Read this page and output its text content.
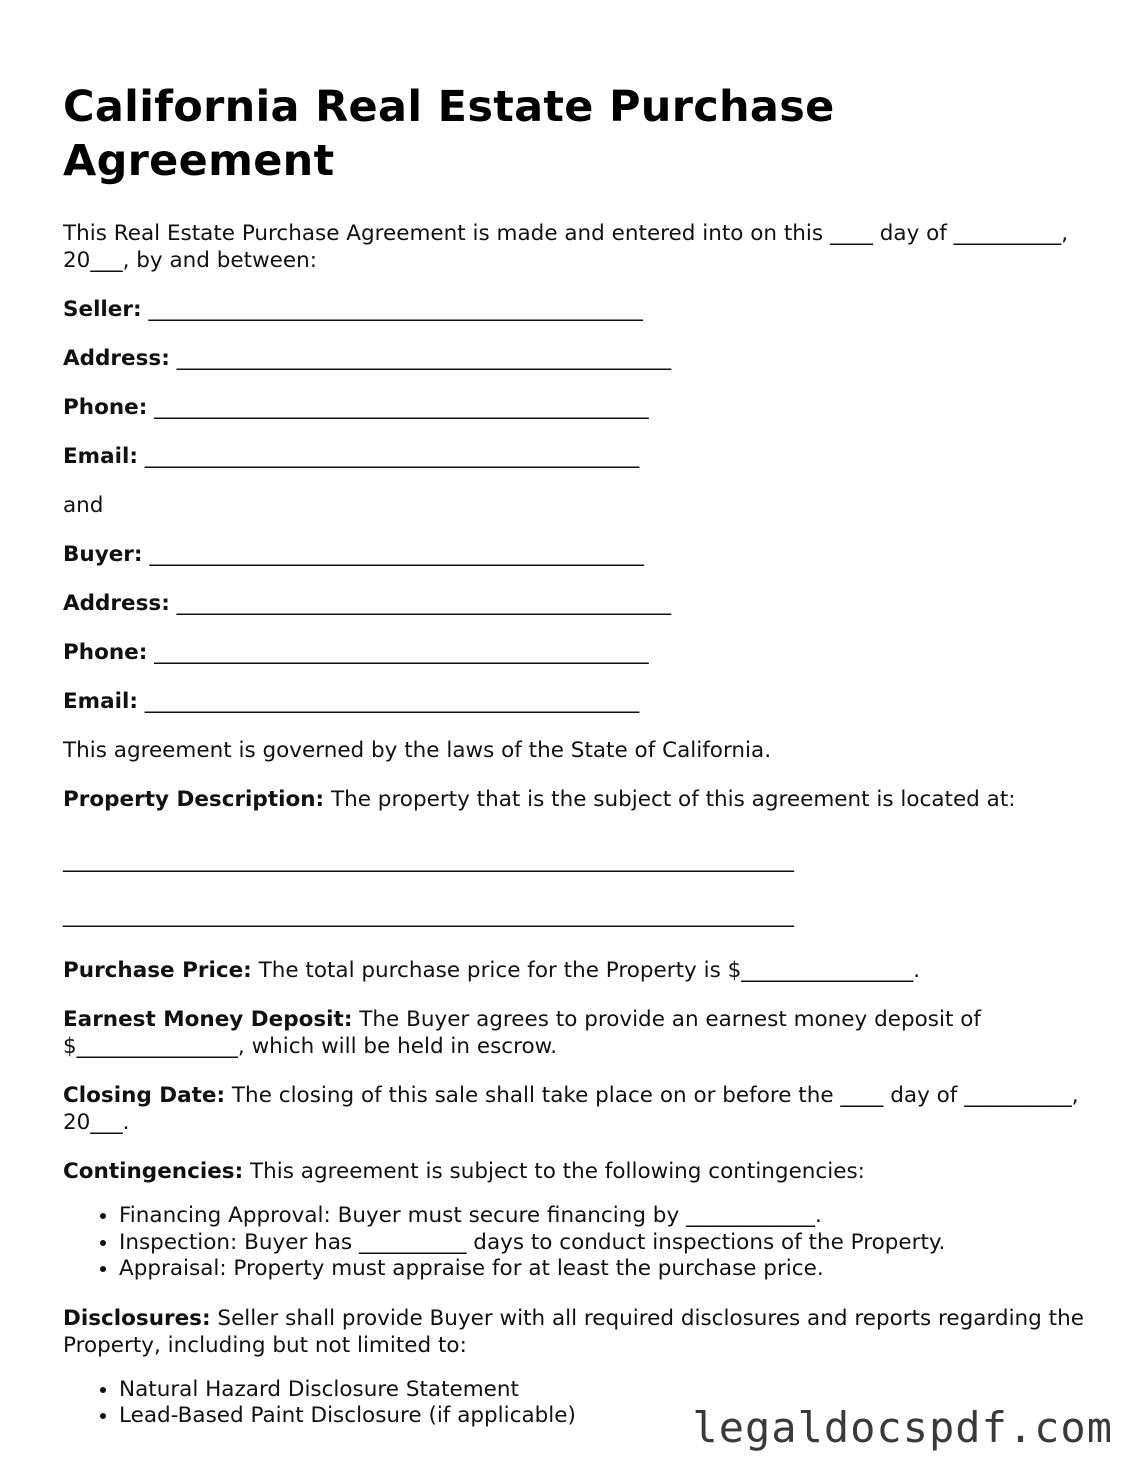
California Real Estate Purchase Agreement

This Real Estate Purchase Agreement is made and entered into on this ____ day of __________, 20___, by and between:

Seller: ______________________________________________

Address: ______________________________________________

Phone: ______________________________________________

Email: ______________________________________________

and

Buyer: ______________________________________________

Address: ______________________________________________

Phone: ______________________________________________

Email: ______________________________________________

This agreement is governed by the laws of the State of California.

Property Description: The property that is the subject of this agreement is located at:

____________________________________________________________________

____________________________________________________________________

Purchase Price: The total purchase price for the Property is $________________.

Earnest Money Deposit: The Buyer agrees to provide an earnest money deposit of $_______________, which will be held in escrow.

Closing Date: The closing of this sale shall take place on or before the ____ day of __________, 20___.

Contingencies: This agreement is subject to the following contingencies:

• Financing Approval: Buyer must secure financing by ____________.
• Inspection: Buyer has __________ days to conduct inspections of the Property.
• Appraisal: Property must appraise for at least the purchase price.

Disclosures: Seller shall provide Buyer with all required disclosures and reports regarding the Property, including but not limited to:

• Natural Hazard Disclosure Statement
• Lead-Based Paint Disclosure (if applicable)	legaldocspdf.com
